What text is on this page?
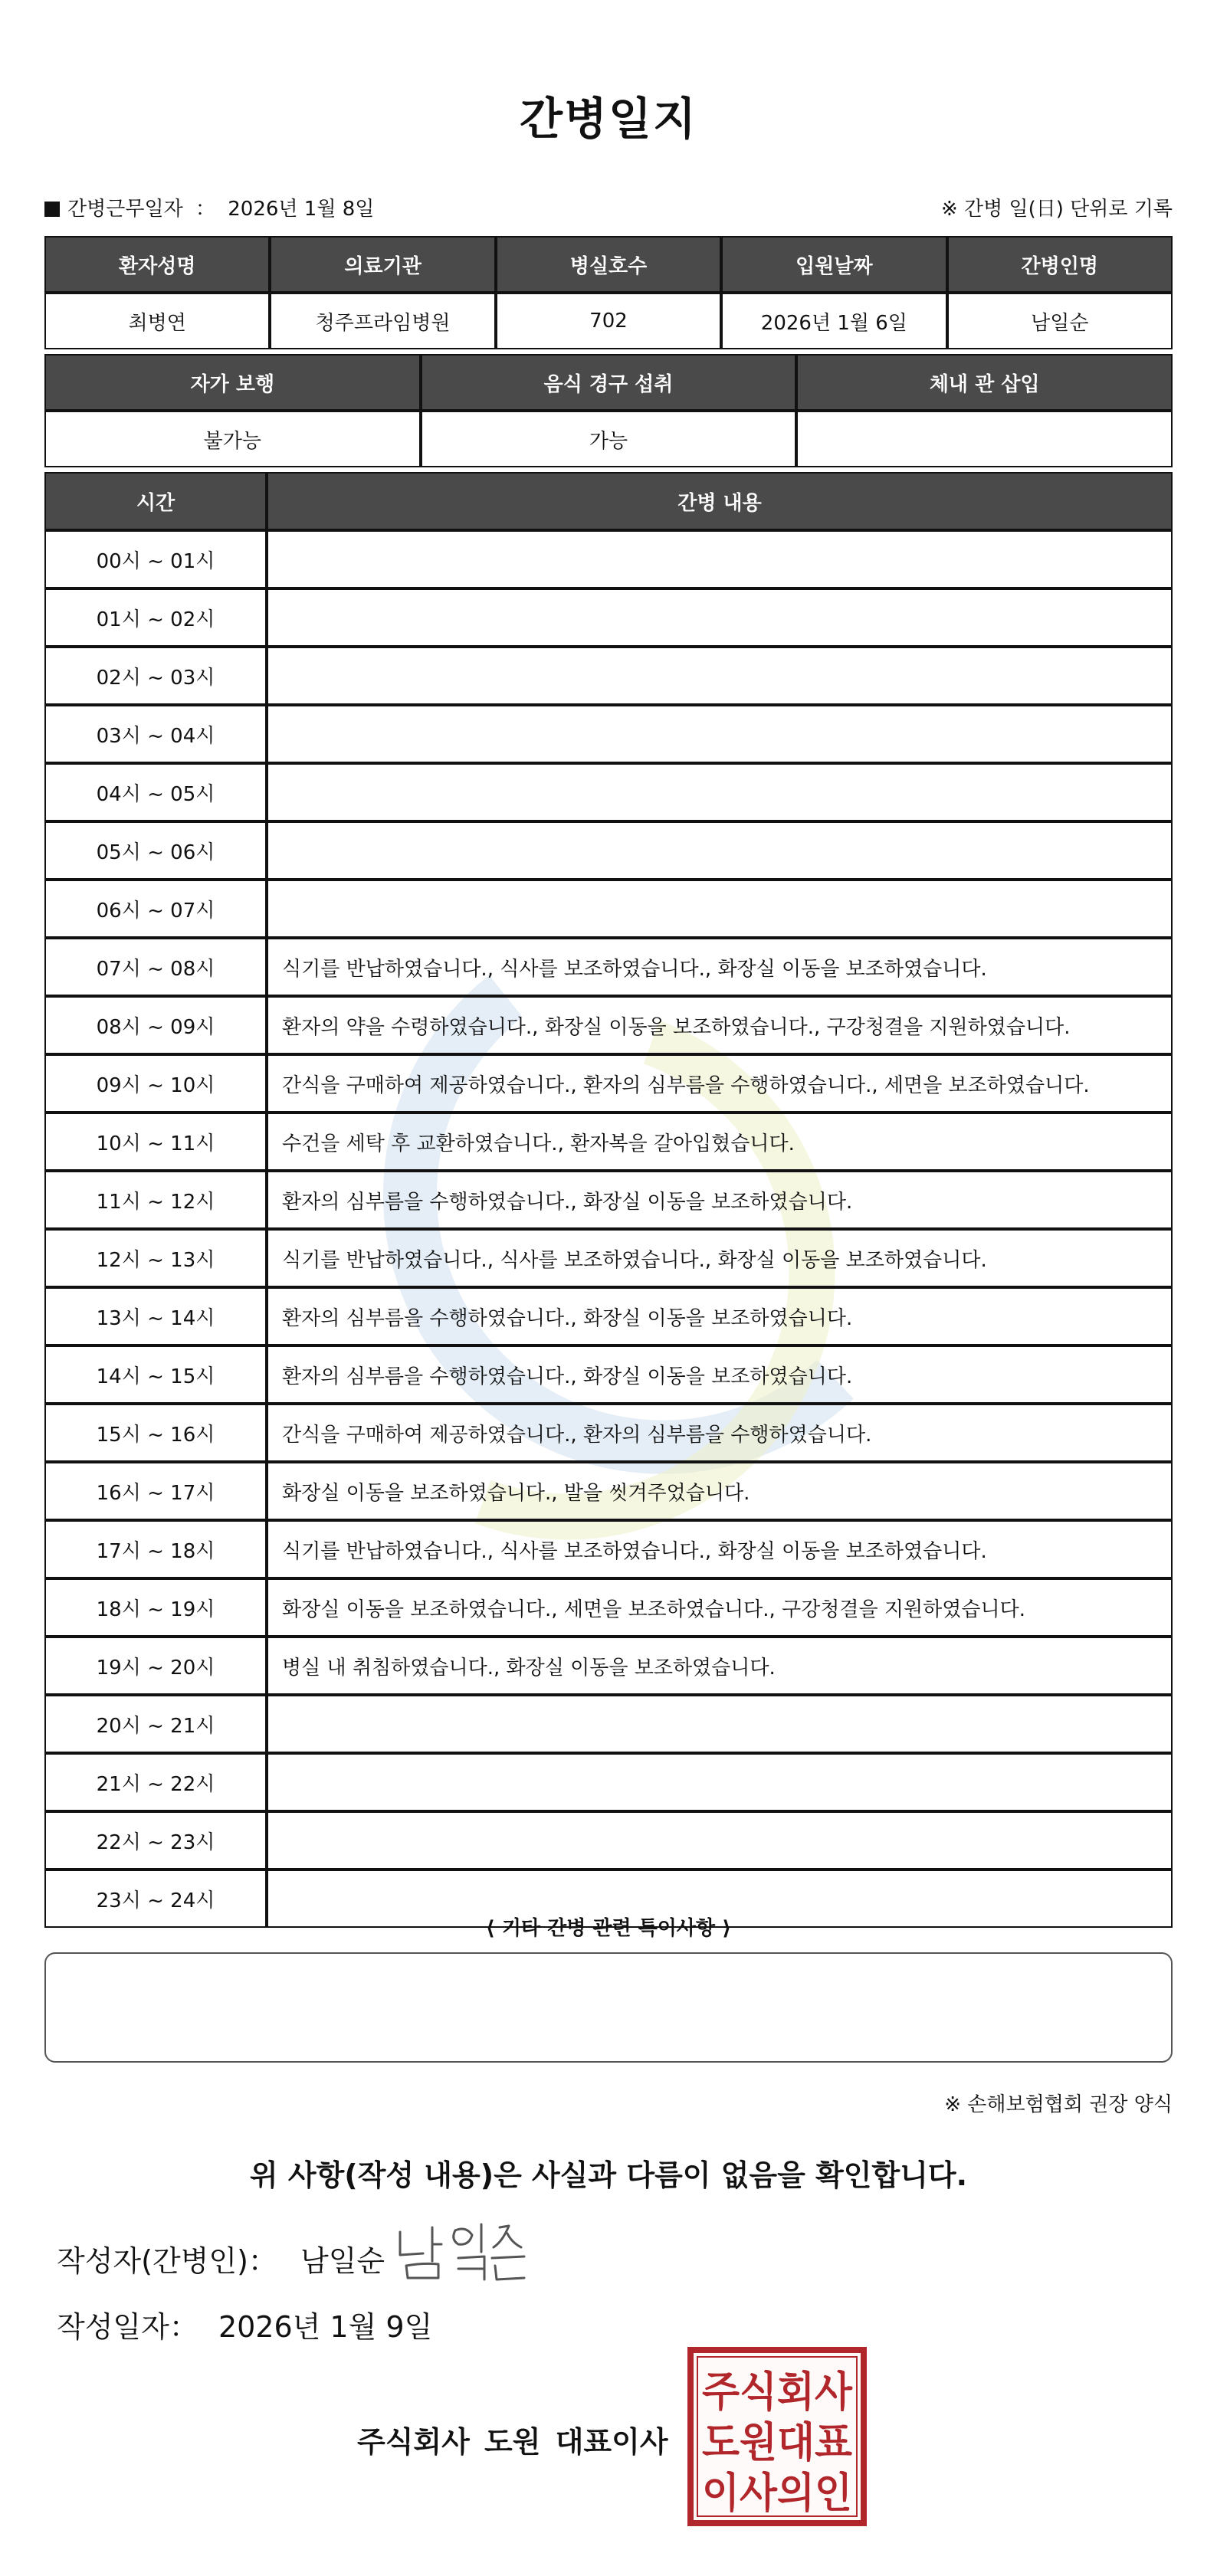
간병일지
간병근무일자 ： 2026년 1월 8일	※ 간병 일(日) 단위로 기록
환자성명	의료기관	병실호수	입원날짜	간병인명
최병연	청주프라임병원	702	2026년 1월 6일	남일순
자가 보행	음식 경구 섭취	체내 관 삽입
불가능	가능	
시간	간병 내용
00시 ~ 01시	
01시 ~ 02시	
02시 ~ 03시	
03시 ~ 04시	
04시 ~ 05시	
05시 ~ 06시	
06시 ~ 07시	
07시 ~ 08시	식기를 반납하였습니다., 식사를 보조하였습니다., 화장실 이동을 보조하였습니다.
08시 ~ 09시	환자의 약을 수령하였습니다., 화장실 이동을 보조하였습니다., 구강청결을 지원하였습니다.
09시 ~ 10시	간식을 구매하여 제공하였습니다., 환자의 심부름을 수행하였습니다., 세면을 보조하였습니다.
10시 ~ 11시	수건을 세탁 후 교환하였습니다., 환자복을 갈아입혔습니다.
11시 ~ 12시	환자의 심부름을 수행하였습니다., 화장실 이동을 보조하였습니다.
12시 ~ 13시	식기를 반납하였습니다., 식사를 보조하였습니다., 화장실 이동을 보조하였습니다.
13시 ~ 14시	환자의 심부름을 수행하였습니다., 화장실 이동을 보조하였습니다.
14시 ~ 15시	환자의 심부름을 수행하였습니다., 화장실 이동을 보조하였습니다.
15시 ~ 16시	간식을 구매하여 제공하였습니다., 환자의 심부름을 수행하였습니다.
16시 ~ 17시	화장실 이동을 보조하였습니다., 발을 씻겨주었습니다.
17시 ~ 18시	식기를 반납하였습니다., 식사를 보조하였습니다., 화장실 이동을 보조하였습니다.
18시 ~ 19시	화장실 이동을 보조하였습니다., 세면을 보조하였습니다., 구강청결을 지원하였습니다.
19시 ~ 20시	병실 내 취침하였습니다., 화장실 이동을 보조하였습니다.
20시 ~ 21시	
21시 ~ 22시	
22시 ~ 23시	
23시 ~ 24시	
⟨ 기타 간병 관련 특이사항 ⟩
※ 손해보험협회 권장 양식
위 사항(작성 내용)은 사실과 다름이 없음을 확인합니다.
작성자(간병인)： 남일순
작성일자： 2026년 1월 9일
주식회사 도원 대표이사
주식회사
도원대표
이사의인
